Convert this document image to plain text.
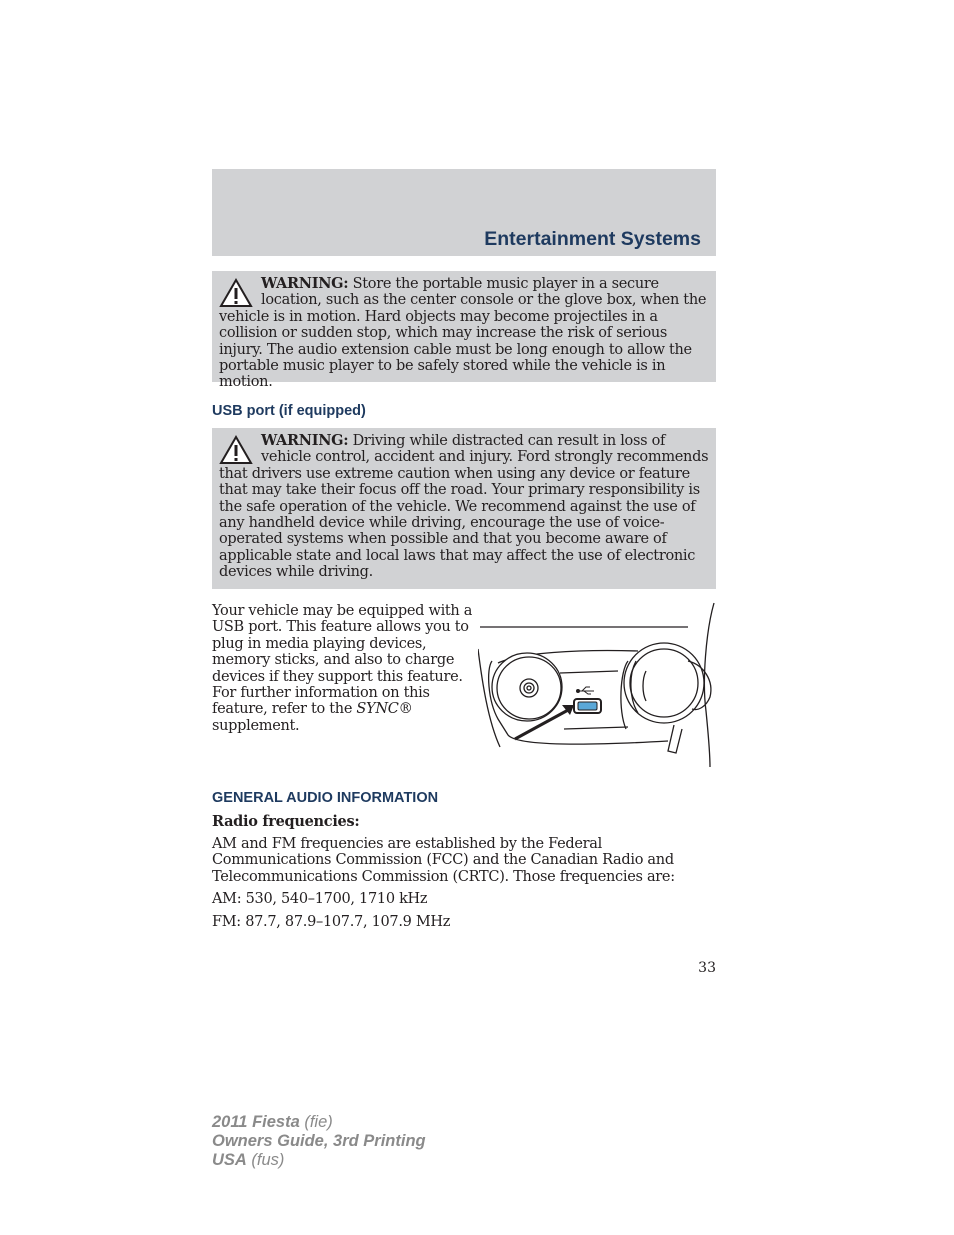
Entertainment Systems
WARNING: Store the portable music player in a secure location, such as the center console or the glove box, when the vehicle is in motion. Hard objects may become projectiles in a collision or sudden stop, which may increase the risk of serious injury. The audio extension cable must be long enough to allow the portable music player to be safely stored while the vehicle is in motion.
USB port (if equipped)
WARNING: Driving while distracted can result in loss of vehicle control, accident and injury. Ford strongly recommends that drivers use extreme caution when using any device or feature that may take their focus off the road. Your primary responsibility is the safe operation of the vehicle. We recommend against the use of any handheld device while driving, encourage the use of voice-operated systems when possible and that you become aware of applicable state and local laws that may affect the use of electronic devices while driving.

Your vehicle may be equipped with a USB port. This feature allows you to plug in media playing devices, memory sticks, and also to charge devices if they support this feature. For further information on this feature, refer to the SYNC® supplement.

GENERAL AUDIO INFORMATION
Radio frequencies:

AM and FM frequencies are established by the Federal Communications Commission (FCC) and the Canadian Radio and Telecommunications Commission (CRTC). Those frequencies are:

AM: 530, 540–1700, 1710 kHz
FM: 87.7, 87.9–107.7, 107.9 MHz
33
2011 Fiesta (fie)
Owners Guide, 3rd Printing
USA (fus)
